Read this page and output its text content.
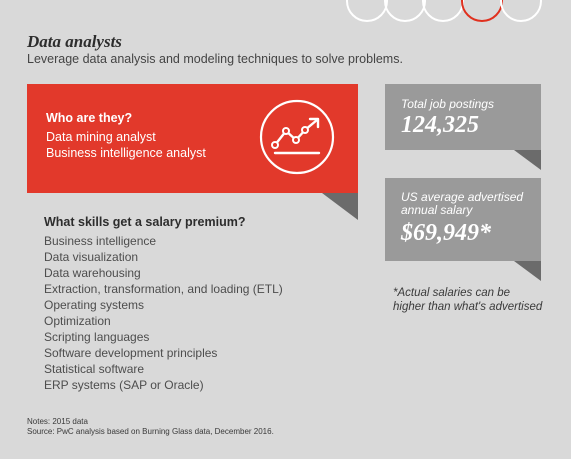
Data analysts
Leverage data analysis and modeling techniques to solve problems.
Who are they?
Data mining analyst
Business intelligence analyst
What skills get a salary premium?
Business intelligence
Data visualization
Data warehousing
Extraction, transformation, and loading (ETL)
Operating systems
Optimization
Scripting languages
Software development principles
Statistical software
ERP systems (SAP or Oracle)
Total job postings
124,325
US average advertised
annual salary
$69,949*
*Actual salaries can be higher than what's advertised
Notes: 2015 data
Source: PwC analysis based on Burning Glass data, December 2016.
